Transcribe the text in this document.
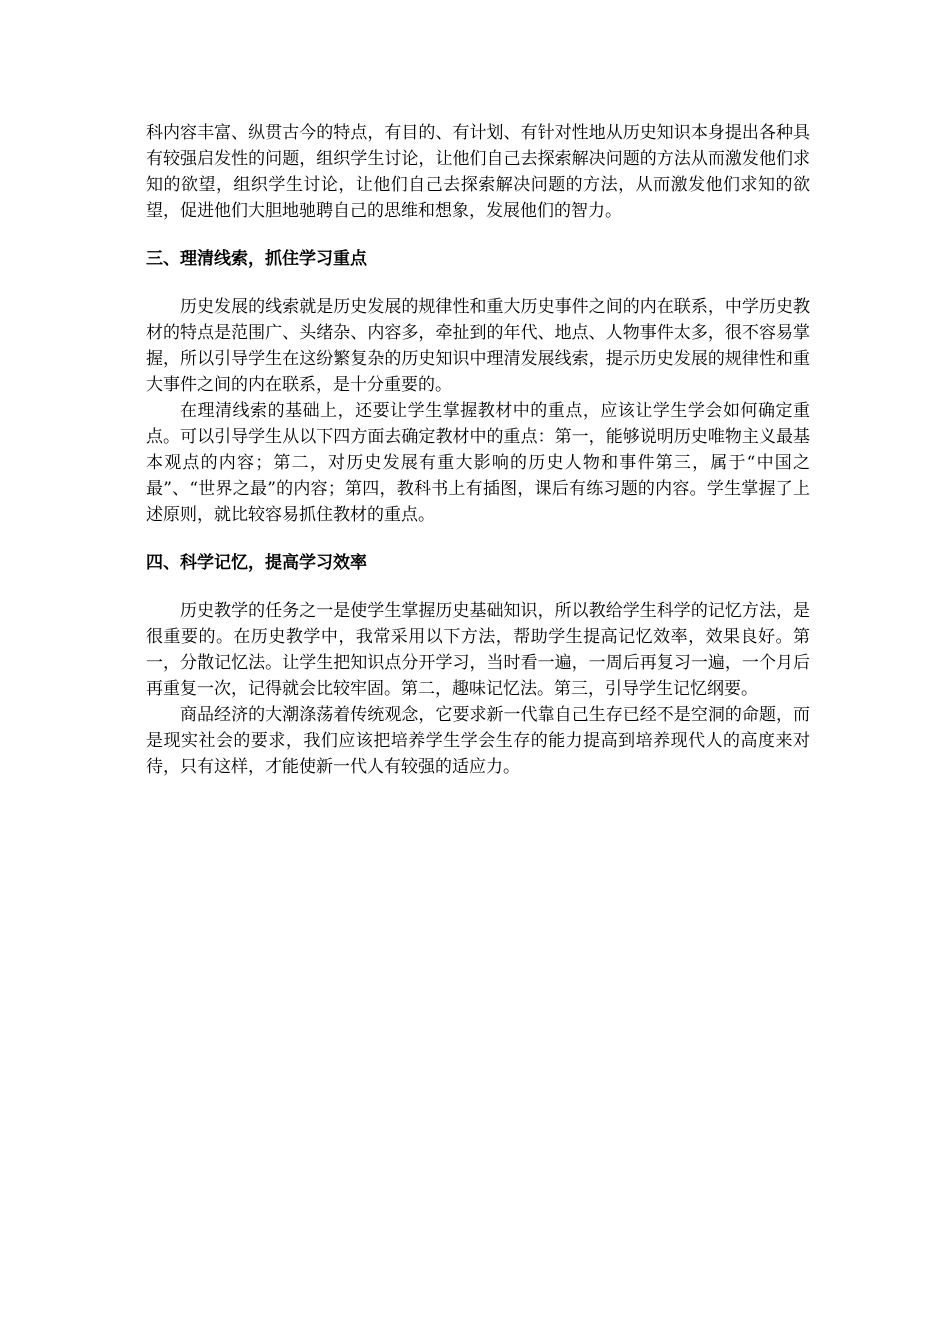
科内容丰富、纵贯古今的特点，有目的、有计划、有针对性地从历史知识本身提出各种具有较强启发性的问题，组织学生讨论，让他们自己去探索解决问题的方法从而激发他们求知的欲望，组织学生讨论，让他们自己去探索解决问题的方法，从而激发他们求知的欲望，促进他们大胆地驰聘自己的思维和想象，发展他们的智力。

三、理清线索，抓住学习重点

历史发展的线索就是历史发展的规律性和重大历史事件之间的内在联系，中学历史教材的特点是范围广、头绪杂、内容多，牵扯到的年代、地点、人物事件太多，很不容易掌握，所以引导学生在这纷繁复杂的历史知识中理清发展线索，提示历史发展的规律性和重大事件之间的内在联系，是十分重要的。

在理清线索的基础上，还要让学生掌握教材中的重点，应该让学生学会如何确定重点。可以引导学生从以下四方面去确定教材中的重点：第一，能够说明历史唯物主义最基本观点的内容；第二，对历史发展有重大影响的历史人物和事件第三，属于“中国之最”、“世界之最”的内容；第四，教科书上有插图，课后有练习题的内容。学生掌握了上述原则，就比较容易抓住教材的重点。

四、科学记忆，提高学习效率

历史教学的任务之一是使学生掌握历史基础知识，所以教给学生科学的记忆方法，是很重要的。在历史教学中，我常采用以下方法，帮助学生提高记忆效率，效果良好。第一，分散记忆法。让学生把知识点分开学习，当时看一遍，一周后再复习一遍，一个月后再重复一次，记得就会比较牢固。第二，趣味记忆法。第三，引导学生记忆纲要。

商品经济的大潮涤荡着传统观念，它要求新一代靠自己生存已经不是空洞的命题，而是现实社会的要求，我们应该把培养学生学会生存的能力提高到培养现代人的高度来对待，只有这样，才能使新一代人有较强的适应力。
